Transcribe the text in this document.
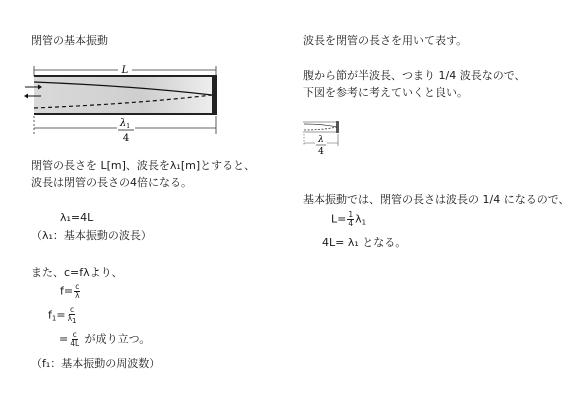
閉管の基本振動
L
$\lambda_1$
4
閉管の長さを L[m]、波長をλ₁[m]とすると、
波長は閉管の長さの4倍になる。
λ₁=4L
（λ₁：基本振動の波長）
また、c=fλより、
$f= \frac{c}{\lambda}$
$f_1= \frac{c}{\lambda 1}$
= $\frac{c}{4L}$ が成り立つ。
（f₁：基本振動の周波数）
波長を閉管の長さを用いて表す。
腹から節が半波長、つまり 1/4 波長なので、
下図を参考に考えていくと良い。
λ
4
基本振動では、閉管の長さは波長の 1/4 になるので、
$L= \frac{1}{4} \lambda_1$
4L= λ₁ となる。
